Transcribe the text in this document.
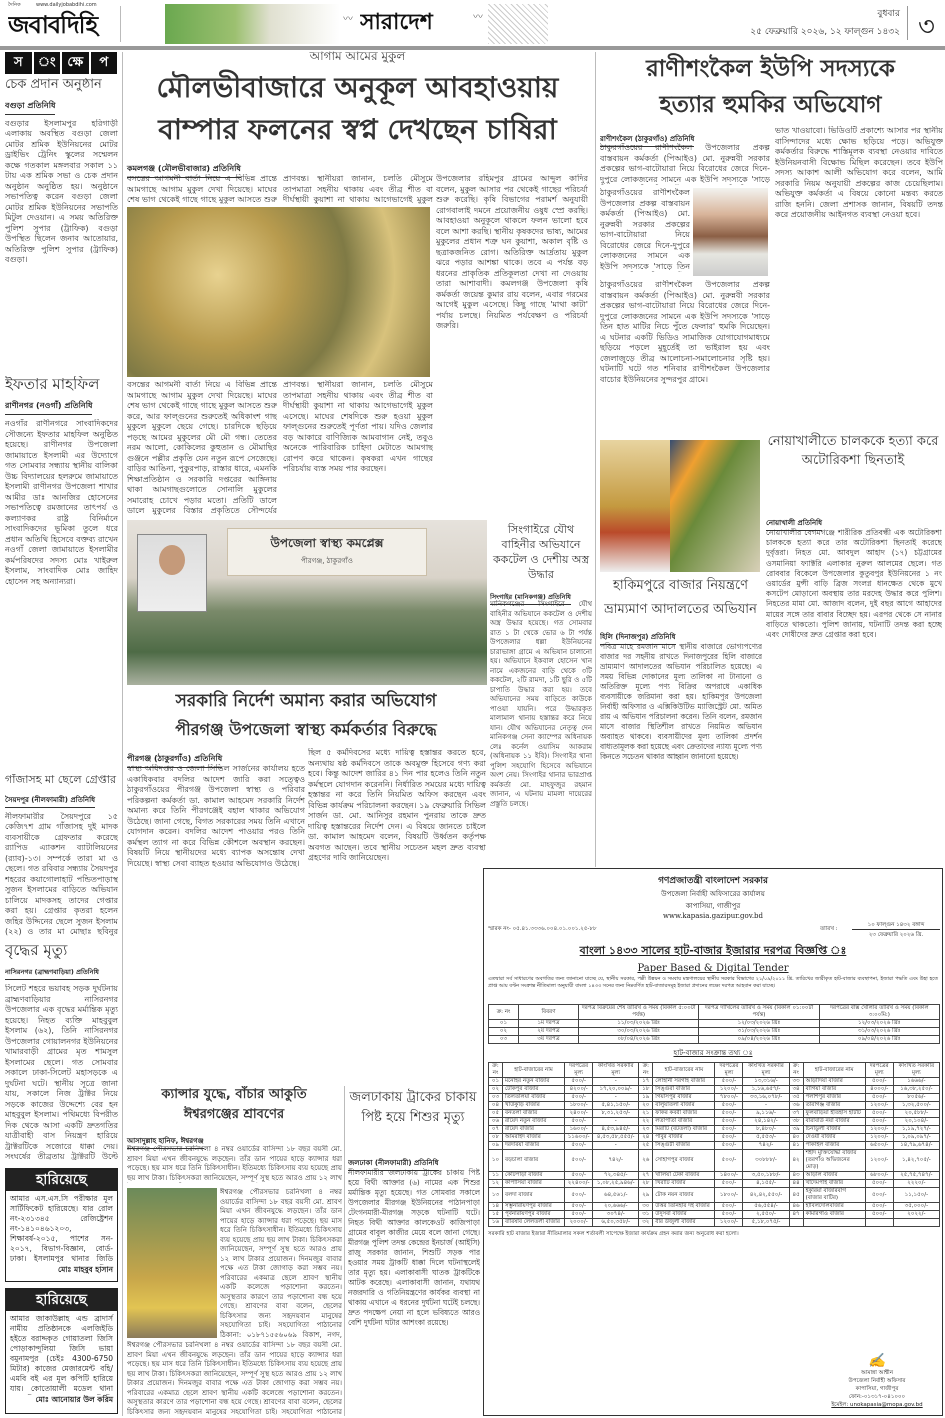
দৈনিক	www.dailyjobabdihi.com
জবাবদিহি	〰 সারাদেশ	〰	বুধবার
২৫ ফেব্রুয়ারি ২০২৬, ১২ ফাল্গুন ১৪৩২ ৩
স	ং ক্ষে	প
চেক প্রদান অনুষ্ঠান
বগুড়া প্রতিনিধি
বগুড়ার ইসলামপুর হরিগাড়ী এলাকায় অবস্থিত বগুড়া জেলা মোটর শ্রমিক ইউনিয়নের মোটর ড্রাইভিং ট্রেনিং স্কুলের সম্মেলন কক্ষে গতকাল মঙ্গলবার সকাল ১১ টায় এক শ্রমিক সভা ও চেক প্রদান অনুষ্ঠান অনুষ্ঠিত হয়। অনুষ্ঠানে সভাপতিত্ব করেন বগুড়া জেলা মোটর শ্রমিক ইউনিয়নের সভাপতি মিটুল দেওয়ান। এ সময় অতিরিক্ত পুলিশ সুপার (ট্রাফিক) বগুড়া উপস্থিত ছিলেন জনাব আতোয়ার, অতিরিক্ত পুলিশ সুপার (ট্রাফিক) বগুড়া।
ইফতার মাহফিল
রাণীনগর (নওগাঁ) প্রতিনিধি
নওগাঁর রাণীনগরে সাংবাদিকদের সৌজন্যে ইফতার মাহফিল অনুষ্ঠিত হয়েছে। রাণীনগর উপজেলা জামায়াতে ইসলামী এর উদ্যোগে গত সোমবার সন্ধ্যায় স্থানীয় বালিকা উচ্চ বিদ্যালয়ের হলরুমে জামায়াতে ইসলামী রাণীনগর উপজেলা শাখার আমীর ডাঃ আনজির হোসেনের সভাপতিত্বে রমজানের তাৎপর্য ও কল্যাণকর রাষ্ট্র বিনির্মানে সাংবাদিকদের ভূমিকা তুলে ধরে প্রধান অতিথি হিসেবে বক্তব্য রাখেন নওগাঁ জেলা জামায়াতে ইসলামীর কর্মপরিষদের সদস্য মোঃ খাইরুল ইসলাম, সাংবাদিক মোঃ জাহিদ হোসেন সহ অন্যান্যরা।
গাঁজাসহ মা ছেলে গ্রেপ্তার
সৈয়দপুর (নীলফামারী) প্রতিনিধি
নীলফামারীর সৈয়দপুরে ১৫ কেজি৭শ গ্রাম গাঁজাসহ দুই মাদক ব্যবসায়ীকে গ্রেফতার করেছে র‍্যাপিড এ্যাকশন ব্যাটালিয়নের (র‍্যাব)-১৩। সম্পর্কে তারা মা ও ছেলে। গত রবিবার সন্ধ্যায় সৈয়দপুর শহরের কয়াগোলাহাট পন্ডিতপাড়াস্থ সুজন ইসলামের বাড়িতে অভিযান চালিয়ে মাদকসহ তাদের গেপ্তার করা হয়। গ্রেপ্তার কৃতরা হলেন জহির উদ্দিনের ছেলে সুজন ইসলাম (২২) ও তার মা মোছাঃ ছবিনুর
বৃদ্ধের মৃত্যু
নাসিরনগর (ব্রাহ্মণবাড়িয়া) প্রতিনিধি
সিলেট শহরে ভয়াবহ সড়ক দুর্ঘটনায় ব্রাহ্মণবাড়িয়ার নাসিরনগর উপজেলার এক বৃদ্ধের মর্মান্তিক মৃত্যু হয়েছে। নিহত ব্যক্তি মাহবুবুল ইসলাম (৬২), তিনি নাসিরনগর উপজেলার গোয়ালনগর ইউনিয়নের খামারবাড়ী গ্রামের মৃত শামসুল ইসলামের ছেলে। গত সোমবার সকালে ঢাকা-সিলেট মহাসড়কে এ দুর্ঘটনা ঘটে। স্থানীয় সূত্রে জানা যায়, সকালে নিজ ট্রাক্টর নিয়ে সড়কে কাজের উদ্দেশ্যে বের হন মাহবুবুল ইসলাম। পথিমধ্যে বিপরীত দিক থেকে আসা একটি দ্রুতগতির যাত্রীবাহী বাস নিয়ন্ত্রণ হারিয়ে ট্রাক্টরটিকে সজোরে ধাক্কা দেয়। সংঘর্ষের তীব্রতায় ট্রাক্টরটি উল্টে
হারিয়েছে
আমার এস.এস.সি পরীক্ষার মূল সার্টিফিকেট হারিয়েছে। যার রোল নং-২৩১৩৪৫ রেজিষ্ট্রেশন নং-১৪১০৪৬১২০৩, শিক্ষাবর্ষ-২০১৫, পাশের সন- ২০১৭, বিভাগ-বিজ্ঞান, বোর্ড- ঢাকা। ইসলামপুর থানার জিডি
মোঃ মাহবুব হাসান
হারিয়েছে
আমার জাকাউল্লাহ এন্ড ব্রাদার্স নামীয় প্রতিষ্ঠানকে এলজিইডি হইতে বরাদ্দকৃত গোয়াতলা জিসি পোড়াকান্দুলিয়া জিসি ভায়া বমুনামপুর (চেইঃ 4300-6750 মিটার) কাজের মেজারমেন্ট বহি/এমবি বই এর মূল কপিটি হারিয়ে যায়। কোতোয়ালী মডেল থানা
মোঃ আনোয়ার উল করিম
আগাম আমের মুকুল
মৌলভীবাজারে অনুকূল আবহাওয়ায়
বাম্পার ফলনের স্বপ্ন দেখছেন চাষিরা
কমলগঞ্জ (মৌলভীবাজার) প্রতিনিধি
বসন্তের আগমনী বার্তা নিয়ে এ বিভিন্ন প্রান্তে আমগাছে আগাম মুকুল দেখা দিয়েছে। মাঘের শেষ ভাগ থেকেই গাছে গাছে মুকুল আসতে শুরু
প্রাণবন্ত। স্থানীয়রা জানান, চলতি মৌসুমে তাপমাত্রা সহনীয় থাকায় এবং তীব্র শীত বা দীর্ঘস্থায়ী কুয়াশা না থাকায় আগেভাগেই মুকুল
বসন্তের আগমনী বার্তা নিয়ে এ বিভিন্ন প্রান্তে আমগাছে আগাম মুকুল দেখা দিয়েছে। মাঘের শেষ ভাগ থেকেই গাছে গাছে মুকুল আসতে শুরু করে, আর ফাল্গুনের শুরুতেই অধিকাংশ গাছ মুকুলে মুকুলে ছেয়ে গেছে। চারদিকে ছড়িয়ে পড়ছে আমের মুকুলের মৌ মৌ গন্ধ। তেতের নরম আলো, কোকিলের কুহুতান ও মৌমাছির গুঞ্জনে পল্লীর প্রকৃতি যেন নতুন রূপে সেজেছে। বাড়ির আঙিনা, পুকুরপাড়, রাস্তার ধারে, এমনকি শিক্ষাপ্রতিষ্ঠান ও সরকারি দপ্তরের আঙ্গিনায় থাকা আমগাছগুলোতে সোনালি মুকুলের সমারোহ চোখে পড়ার মতো। প্রতিটি ডালে ডালে মুকুলের বিস্তার প্রকৃতিতে সৌন্দর্যের
প্রাণবন্ত। স্থানীয়রা জানান, চলতি মৌসুমে তাপমাত্রা সহনীয় থাকায় এবং তীব্র শীত বা দীর্ঘস্থায়ী কুয়াশা না থাকায় আগেভাগেই মুকুল এসেছে। মাঘের শেষদিকে শুরু হওয়া মুকুল ফাল্গুনের শুরুতেই পূর্ণতা পায়। যদিও জেলার বড় আকারে বাণিজ্যিক আমবাগান নেই, তবুও অনেকে পারিবারিক চাহিদা মেটাতে আমগাছ রোপণ করে থাকেন। কৃষকরা এখন গাছের পরিচর্যায় ব্যস্ত সময় পার করছেন।
উপজেলার রহিমপুর গ্রামের আব্দুল কাদির বলেন, মুকুল আসার পর থেকেই গাছের পরিচর্যা শুরু করেছি। কৃষি বিভাগের পরামর্শ অনুযায়ী রোগবালাই দমনে প্রয়োজনীয় ওষুধ স্প্রে করছি। আবহাওয়া অনুকূলে থাকলে ফলন ভালো হবে বলে আশা করছি। স্থানীয় কৃষকদের ভাষ্য, আমের মুকুলের প্রধান শত্রু ঘন কুয়াশা, অকাল বৃষ্টি ও ছত্রাকজনিত রোগ। অতিরিক্ত আর্দ্রতায় মুকুল ঝরে পড়ার আশঙ্কা থাকে। তবে এ পর্যন্ত বড় ধরনের প্রাকৃতিক প্রতিকূলতা দেখা না দেওয়ায় তারা আশাবাদী। কমলগঞ্জ উপজেলা কৃষি কর্মকর্তা জয়েন্ত কুমার রায় বলেন, এবার গরমের আগেই মুকুল এসেছে। কিছু গাছে 'মাথা কাটা' পর্যায় চলছে। নিয়মিত পর্যবেক্ষণ ও পরিচর্যা জরুরি।
উপজেলা স্বাস্থ্য কমপ্লেক্স
পীরগঞ্জ, ঠাকুরগাঁও
সরকারি নির্দেশ অমান্য করার অভিযোগ
পীরগঞ্জ উপজেলা স্বাস্থ্য কর্মকর্তার বিরুদ্ধে
পীরগঞ্জ (ঠাকুরগাঁও) প্রতিনিধি
স্বাস্থ্য অধিদপ্তর ও জেলা সিভিল সার্জনের কার্যালয় হতে একাধিকবার বদলির আদেশ জারি করা সত্ত্বেও ঠাকুরগাঁওয়ের পীরগঞ্জ উপজেলা স্বাস্থ্য ও পরিবার পরিকল্পনা কর্মকর্তা ডা. কামাল আহমেদ সরকারি নির্দেশ অমান্য করে তিনি পীরগঞ্জেই বহাল থাকার অভিযোগ উঠেছে। জানা গেছে, বিগত সরকারের সময় তিনি এখানে যোগদান করেন। বদলির আদেশ পাওয়ার পরও তিনি কর্মস্থল ত্যাগ না করে বিভিন্ন কৌশলে অবস্থান করছেন। বিষয়টি নিয়ে স্থানীয়দের মধ্যে ব্যাপক অসন্তোষ দেখা দিয়েছে। স্বাস্থ্য সেবা ব্যাহত হওয়ার অভিযোগও উঠেছে।
ছিল ৫ কর্মদিবসের মধ্যে দায়িত্ব হস্তান্তর করতে হবে, অন্যথায় ষষ্ঠ কর্মদিবসে তাকে অবমুক্ত হিসেবে গণ্য করা হবে। কিন্তু আদেশ জারির ৪১ দিন পার হলেও তিনি নতুন কর্মস্থলে যোগদান করেননি। নির্ধারিত সময়ের মধ্যে দায়িত্ব হস্তান্তর না করে তিনি নিয়মিত অফিস করছেন এবং বিভিন্ন কার্যক্রম পরিচালনা করছেন। ১৯ ফেব্রুয়ারি সিভিল সার্জন ডা. মো. আনিসুর রহমান পুনরায় তাকে দ্রুত দায়িত্ব হস্তান্তরের নির্দেশ দেন। এ বিষয়ে জানতে চাইলে ডা. কামাল আহমেদ বলেন, বিষয়টি উর্ধ্বতন কর্তৃপক্ষ অবগত আছেন। তবে স্থানীয় সচেতন মহল দ্রুত ব্যবস্থা গ্রহণের দাবি জানিয়েছেন।
সিংগাইরে যৌথ বাহিনীর অভিযানে ককটেল ও দেশীয় অস্ত্র উদ্ধার
সিংগাইর (মানিকগঞ্জ) প্রতিনিধি
মানিকগঞ্জের সিংগাইরে যৌথ বাহিনীর অভিযানে ককটেল ও দেশীয় অস্ত্র উদ্ধার হয়েছে। গত সোমবার রাত ১ টা থেকে ভোর ৬ টা পর্যন্ত উপজেলার ধল্লা ইউনিয়নের চারাভাঙ্গা গ্রামে এ অভিযান চালানো হয়। অভিযানে ইকবাল হোসেন খান নামে একজনের বাড়ি থেকে ৩টি ককটেল, ২টি রামদা, ১টি ছুরি ও ৫টি চাপাতি উদ্ধার করা হয়। তবে অভিযানের সময় বাড়িতে কাউকে পাওয়া যায়নি। পরে উদ্ধারকৃত মালামাল থানায় হস্তান্তর করে নিয়ে যান। যৌথ অভিযানের নেতৃত্ব দেন মানিকগঞ্জ সেনা ক্যাম্পের অধিনায়ক লেঃ কর্নেল ওয়াসিম আকরাম (অধিনায়ক ১১ ইবি)। সিংগাইর থানা পুলিশ সহযোগি হিসেবে অভিযানে অংশ নেয়। সিংগাইর থানার ভারপ্রাপ্ত কর্মকর্তা মো. মাহফুজুর রহমান জানান, এ ঘটনায় মামলা দায়েরের প্রস্তুতি চলছে।
ক্যান্সার যুদ্ধে, বাঁচার আকুতি
ঈশ্বরগঞ্জের শ্রাবণের
আসাদুল্লাহ হানিফ, ঈশ্বরগঞ্জ
ঈশ্বরগঞ্জ পৌরসভার চরনিখলা ৪ নম্বর ওয়ার্ডের বাসিন্দা ১৮ বছর বয়সী মো. শ্রাবণ মিয়া এখন জীবনযুদ্ধে লড়ছেন। তাঁর ডান পায়ের হাড়ে ক্যান্সার ধরা পড়েছে। ছয় মাস ধরে তিনি চিকিৎসাধীন। ইতিমধ্যে চিকিৎসায় ব্যয় হয়েছে প্রায় ছয় লাখ টাকা। চিকিৎসকরা জানিয়েছেন, সম্পূর্ণ সুস্থ হতে আরও প্রায় ১২ লাখ
ঈশ্বরগঞ্জ পৌরসভার চরনিখলা ৪ নম্বর ওয়ার্ডের বাসিন্দা ১৮ বছর বয়সী মো. শ্রাবণ মিয়া এখন জীবনযুদ্ধে লড়ছেন। তাঁর ডান পায়ের হাড়ে ক্যান্সার ধরা পড়েছে। ছয় মাস ধরে তিনি চিকিৎসাধীন। ইতিমধ্যে চিকিৎসায় ব্যয় হয়েছে প্রায় ছয় লাখ টাকা। চিকিৎসকরা জানিয়েছেন, সম্পূর্ণ সুস্থ হতে আরও প্রায় ১২ লাখ টাকার প্রয়োজন। দিনমজুর বাবার পক্ষে এত টাকা জোগাড় করা সম্ভব নয়। পরিবারের একমাত্র ছেলে শ্রাবণ স্থানীয় একটি কলেজে পড়াশোনা করতেন। অসুস্থতার কারণে তার পড়াশোনা বন্ধ হয়ে গেছে। শ্রাবণের বাবা বলেন, ছেলের চিকিৎসার জন্য সহৃদয়বান মানুষের সহযোগিতা চাই। সহযোগিতা পাঠানোর ঠিকানা: ০১৮৭১৫৫৬০৬৯ বিকাশ, নগদ,
ঈশ্বরগঞ্জ পৌরসভার চরনিখলা ৪ নম্বর ওয়ার্ডের বাসিন্দা ১৮ বছর বয়সী মো. শ্রাবণ মিয়া এখন জীবনযুদ্ধে লড়ছেন। তাঁর ডান পায়ের হাড়ে ক্যান্সার ধরা পড়েছে। ছয় মাস ধরে তিনি চিকিৎসাধীন। ইতিমধ্যে চিকিৎসায় ব্যয় হয়েছে প্রায় ছয় লাখ টাকা। চিকিৎসকরা জানিয়েছেন, সম্পূর্ণ সুস্থ হতে আরও প্রায় ১২ লাখ টাকার প্রয়োজন। দিনমজুর বাবার পক্ষে এত টাকা জোগাড় করা সম্ভব নয়। পরিবারের একমাত্র ছেলে শ্রাবণ স্থানীয় একটি কলেজে পড়াশোনা করতেন। অসুস্থতার কারণে তার পড়াশোনা বন্ধ হয়ে গেছে। শ্রাবণের বাবা বলেন, ছেলের চিকিৎসার জন্য সহৃদয়বান মানুষের সহযোগিতা চাই। সহযোগিতা পাঠানোর
জলঢাকায় ট্রাকের চাকায় পিষ্ট হয়ে শিশুর মৃত্যু
জলঢাকা (নীলফামারী) প্রতিনিধি
নীলফামারীর জলঢাকায় ট্রাকের চাকায় পিষ্ট হয়ে বিথী আক্তার (৬) নামের এক শিশুর মর্মান্তিক মৃত্যু হয়েছে। গত সোমবার সকালে উপজেলার মীরগঞ্জ ইউনিয়নের পাঠানপাড়া টেংগনমারী-মীরগঞ্জ সড়কে ঘটনাটি ঘটে। নিহত বিথী আক্তার কালকেওট কাজিপাড়া গ্রামের বাবুল কাজীর মেয়ে বলে জানা গেছে। মীরগঞ্জ পুলিশ তদন্ত কেন্দ্রের ইনচার্জ (আইসি) রাজু সরকার জানান, শিশুটি সড়ক পার হওয়ার সময় ট্রাকটি ধাক্কা দিলে ঘটনাস্থলেই তার মৃত্যু হয়। এলাকাবাসী ঘাতক ট্রাকটিকে আটক করেছে। এলাকাবাসী জানান, যথাযথ নজরদারি ও গতিনিয়ন্ত্রণের কার্যকর ব্যবস্থা না থাকায় এখানে এ ধরনের দুর্ঘটনা ঘটেই চলছে। দ্রুত পদক্ষেপ নেয়া না হলে ভবিষ্যতে আরও বেশি দুর্ঘটনা ঘটার আশংকা রয়েছে।
রাণীশংকৈল ইউপি সদস্যকে
হত্যার হুমকির অভিযোগ
রাণীশংকৈল (ঠাকুরগাঁও) প্রতিনিধি
ঠাকুরগাঁওয়ের রাণীশংকৈল উপজেলার প্রকল্প বাস্তবায়ন কর্মকর্তা (পিআইও) মো. নুরুন্নবী সরকার প্রকল্পের ভাগ-বাটোয়ারা নিয়ে বিরোধের জেরে দিনে-দুপুরে লোকজনের সামনে এক ইউপি সদস্যকে 'সাড়ে
ঠাকুরগাঁওয়ের রাণীশংকৈল উপজেলার প্রকল্প বাস্তবায়ন কর্মকর্তা (পিআইও) মো. নুরুন্নবী সরকার প্রকল্পের ভাগ-বাটোয়ারা নিয়ে বিরোধের জেরে দিনে-দুপুরে লোকজনের সামনে এক ইউপি সদস্যকে 'সাড়ে তিন
ঠাকুরগাঁওয়ের রাণীশংকৈল উপজেলার প্রকল্প বাস্তবায়ন কর্মকর্তা (পিআইও) মো. নুরুন্নবী সরকার প্রকল্পের ভাগ-বাটোয়ারা নিয়ে বিরোধের জেরে দিনে-দুপুরে লোকজনের সামনে এক ইউপি সদস্যকে 'সাড়ে তিন হাত মাটির নিচে পুঁতে ফেলার' হুমকি দিয়েছেন। এ ঘটনার একটি ভিডিও সামাজিক যোগাযোগমাধ্যমে ছড়িয়ে পড়লে মুহূর্তেই তা ভাইরাল হয় এবং জেলাজুড়ে তীব্র আলোচনা-সমালোচনার সৃষ্টি হয়। ঘটনাটি ঘটে গত শনিবার রাণীশংকৈল উপজেলার বাচোর ইউনিয়নের সুন্দরপুর গ্রামে।
ভাত খাওয়াবো। ভিডিওটি প্রকাশ্যে আসার পর স্থানীয় বাসিন্দাদের মধ্যে ক্ষোভ ছড়িয়ে পড়ে। অভিযুক্ত কর্মকর্তার বিরুদ্ধে শাস্তিমূলক ব্যবস্থা নেওয়ার দাবিতে ইউনিয়নবাসী বিক্ষোভ মিছিল করেছেন। তবে ইউপি সদস্য আকাশ আলী অভিযোগ করে বলেন, আমি সরকারি নিয়ম অনুযায়ী প্রকল্পের কাজ চেয়েছিলাম। অভিযুক্ত কর্মকর্তা এ বিষয়ে কোনো মন্তব্য করতে রাজি হননি। জেলা প্রশাসক জানান, বিষয়টি তদন্ত করে প্রয়োজনীয় আইনগত ব্যবস্থা নেওয়া হবে।
নোয়াখালীতে চালককে হত্যা করে অটোরিকশা ছিনতাই
নোয়াখালী প্রতিনিধি
নোয়াখালীর বেগমগঞ্জে শারীরিক প্রতিবন্ধী এক অটোরিকশা চালককে হত্যা করে তার অটোরিকশা ছিনতাই করেছে দুর্বৃত্তরা। নিহত মো. আবদুল আহাদ (১৭) চট্টগ্রামের ওসমানিয়া ফ্যাক্টরি এলাকার নুরুল আলমের ছেলে। গত রোববার বিকেলে উপজেলার কুতুবপুর ইউনিয়নের ১ নং ওয়ার্ডের মুন্সী বাড়ি ব্রিজ সংলগ্ন ধানক্ষেত থেকে মুখে কসটেপ মোড়ানো অবস্থায় তার মরদেহ উদ্ধার করে পুলিশ। নিহতের মামা মো. আজাদ বলেন, দুই বছর আগে আহাদের মায়ের সঙ্গে তার বাবার বিচ্ছেদ হয়। এরপর থেকে সে নানার বাড়িতে থাকতো। পুলিশ জানায়, ঘটনাটি তদন্ত করা হচ্ছে এবং দোষীদের দ্রুত গ্রেপ্তার করা হবে।
হাকিমপুরে বাজার নিয়ন্ত্রণে
ভ্রাম্যমাণ আদালতের অভিযান
হিলি (দিনাজপুর) প্রতিনিধি
পবিত্র মাহে রমজান মাসে স্থানীয় বাজারে ভোগ্যপণ্যের বাজার দর সহনীয় রাখতে দিনাজপুরের হিলি বাজারে ভ্রাম্যমাণ আদালতের অভিযান পরিচালিত হয়েছে। এ সময় বিভিন্ন দোকানের মূল্য তালিকা না টানানো ও অতিরিক্ত মূল্যে পণ্য বিক্রির অপরাধে একাধিক ব্যবসায়ীকে জরিমানা করা হয়। হাকিমপুর উপজেলা নির্বাহী অফিসার ও এক্সিকিউটিভ ম্যাজিস্ট্রেট মো. অমিত রায় এ অভিযান পরিচালনা করেন। তিনি বলেন, রমজান মাসে বাজার স্থিতিশীল রাখতে নিয়মিত অভিযান অব্যাহত থাকবে। ব্যবসায়ীদের মূল্য তালিকা প্রদর্শন বাধ্যতামূলক করা হয়েছে এবং ক্রেতাদের ন্যায্য মূল্যে পণ্য কিনতে সচেতন থাকার আহ্বান জানানো হয়েছে।
গণপ্রজাতন্ত্রী বাংলাদেশ সরকার
উপজেলা নির্বাহী অফিসারের কার্যালয়
কাপাসিয়া, গাজীপুর
www.kapasia.gazipur.gov.bd
স্মারক নং- ০৫.৪১.৩৩৩৬.০০৪.০১.০০১.২৫-৮৮	তারিখ :
১০ ফাল্গুন ১৪৩২ বঙ্গাব্দ
২৩ ফেব্রুয়ারি ২০২৬ খ্রি.
বাংলা ১৪৩৩ সালের হাট-বাজার ইজারার দরপত্র বিজ্ঞপ্তি ঃ
Paper Based & Digital Tender
এতদ্বারা সর্ব সাধারণের অবগতির জন্য জানানো যাচ্ছে যে, স্থানীয় সরকার, পল্লী উন্নয়ন ও সমবায় মন্ত্রণালয়ের স্থানীয় সরকার বিভাগের ২১/০৯/২০১১ খ্রি. তারিখের জারীকৃত হাট-বাজার ব্যবস্থাপনা, ইজারা পদ্ধতি এবং উহা হতে প্রাপ্ত আয় বণ্টন সংক্রান্ত নীতিমালা অনুযায়ী বাংলা ১৪৩৩ সনের জন্য নিম্নবর্ণিত হাট-বাজারসমূহ ইজারা প্রদানের লক্ষ্যে দরপত্র আহবান করা যাচ্ছে।
ক্র: নং	বিবরণ	দরপত্র বিক্রয়ের শেষ তারিখ ও সময় (বিকাল ৫:০০টা পর্যন্ত)	দরপত্র দাখিলের তারিখ ও সময় (বিকাল ০১:০০টা পর্যন্ত)	দরপত্রের বাক্স খোলার তারিখ ও সময় (বিকাল ৩:০০মি:)
০১	১ম দরপত্র	১১/০৩/২০২৬ খ্রিঃ	১২/০৩/২০২৬ খ্রিঃ	১২/০৩/২০২৬ খ্রিঃ
০২	২য় দরপত্র	৩০/০৩/২০২৬ খ্রিঃ	৩১/০৩/২০২৬ খ্রিঃ	৩১/০৩/২০২৬ খ্রিঃ
০৩	৩য় দরপত্র	০৮/০৪/২০২৬ খ্রিঃ	০৯/০৪/২০২৬ খ্রিঃ	০৯/০৪/২০২৬ খ্রিঃ
হাট-বাজার সংক্রান্ত তথ্য ঃ
ক্র: নং	হাট-বাজারের নাম	দরপত্রের মূল্য	কাংখিত সরকারি মূল্য	ক্র: নং	হাট-বাজারের নাম	দরপত্রের মূল্য	কাংখিত সরকারি মূল্য	ক্র: নং	হাট-বাজারের নাম	দরপত্রের মূল্য	কাংখিত সরকারি মূল্য
০১	মনোহর নতুন বাজার	৫০০/-	-	১৭	লোহানী সরগাহ বাজার	৫০০/-	১৩,৩১৬/-	৩৩	আড়াদিয়া বাজার	৫০০/-	১৬৬৬/-
০২	টোকপুর বাজার	৪২০০/-	১৭,২০,০০৯/-	১৮	সিঙ্গুরা বাজার	১২০০/-	১,১৬,৬৫৭/-	৩৪	বাগিয়া বাজার	৪০০০/-	১৬,৩৮,২৫০/-
০৩	তিলতলিয়া বাজার	৫০০/-	-	১৯	গিয়াসপুর বাজার	৭৮০০/-	৩৩,১৬,০৭৮/-	৩৫	পলাশপুর বাজার	৫০০/-	৮০৫৬/-
০৪	খাউকুড়ি বাজার	১৮০০/-	৫,৪১,১৫০/-	২০	বালুয়াতলা বাজার	৫০০/-	-	৩৬	তারাগঞ্জ বাজার	১২০০/-	১,৩২,৫০০/-
০৫	বনতলা বাজার	২৪০০/-	৮,৩১,২৫৩/-	২১	ফকির কবরী বাজার	৫০০/-	৯,১১৬/-	৩৭	ফুলবাড়িয়া ইতিহাস হাটটি	৫০০/-	২০,৫৮৮/-
০৬	রায়েদ নতুন বাজার	৫০০/-	-	২২	লতাপাতা বাজার	৫০০/-	২৪,১৪২/-	৩৮	বারাবাউ নয়া বাজার	৫০০/-	২০,১০৪/-
০৭	রায়েদ বাজার	১৬০০/-	৪,৫৩,৯৪৫/-	২৩	মিরাটি (বটতলা) বাজার	৫০০/-	৮,৪৮০/-	৩৯	চিনাডুলী বাজার	১২০০/-	১,১৯,৭২৭/-
০৮	আমরাইদ বাজার	১১৬০০/-	৪,৫৩,৫৮,৫৫৫/-	২৪	পাবুর বাজার	৫০০/-	৫,৫৫৩/-	৪০	দেওয়ী বাজার	১২০০/-	১,০৯,০৯৭/-
০৯	দরদরিয়া বাজার	৫০০/-	-	২৫	সিঙ্গুটী বাজার	৫০০/-	৭৪২/-	৪১	পাকাইল বাজার	৬৫০০/-	১৪,৭৯,৬৭৪/-
১০	বড়চালা বাজার	৫০০/-	৭৪২/-	২৬	সোহাগপুর বাজার	৫০০/-	৩০৮৮৮/-	৪২	শহীদ মুক্তিযোদ্ধা বাজার (তরগাঁও অভিজনের মোড়)	১২০০/-	১,৪২,৭০৫/-
১১	কেটিপাড়া বাজার	৫০০/-	৭২,৩৪৫/-	২৭	খালিয়া টেকা বাজার	১৪০০/-	৩,৫০,১৮৮/-	৪৩	আড়াল বাজার	৬৮০০/-	২৫,৭৫,৭৪৭/-
১২	কাপাসিয়া বাজার	২২৪০০/-	১,০৮,২৫,৯৪৬/-	২৮	খিরাটি বাজার	৫০০/-	৪,১৫৫/-	৪৪	খাদেমপাই বাজার	৫০০/-	২২২০/-
১৩	বলদা বাজার	৫০০/-	৬৪,৫৬১/-	২৯	টোক নয়ন বাজার	১৮০০/-	৪২,৪২,৫৫০/-	৪৫	ইকুরিয়া বাজারবাগ (বাজার বাটির)	৫০০/-	১১,১৫০/-
১৪	সম্ভুনারায়ণপুর বাজার	৫০০/-	২০,৬৬৬/-	৩০	উত্তর তিনিহার দই বাজার	৫০০/-	৫৬,৫৫৪/-	৪৬	হাবিলদোলবাজার	৫০০/-	৩৫,০০০/-
১৫	পূর্বনারায়ণপুর বাজার	৫০০/-	৩০৭৪/-	৩১	উদুসবা বাজার	৫০০/-	২,৫৫০/-	৪৭	কামারগাঁও বাজার	৫০০/-	২০২২/-
১৬	বারিষাব লেলতলী বাজার	২০০০/-	৬,৫০,৩৫৮/-	৩২	বীর উজুলী বাজার	১২০০/-	৫,১৮,০৭৫/-				
সরকারি হাট বাজার ইজারা নীতিমালার সকল শর্তাবলী সাপেক্ষে ইজারা কার্যক্রম গ্রহন করার জন্য অনুরোধ করা হলো।
✍
আমান্না আশ্বীন
উপজেলা নির্বাহী অফিসার
কাপাসিয়া, গাজীপুর
ফোন:-০১৩১৭-০৪১০০০
ইমেইল: unokapasia@mopa.gov.bd
